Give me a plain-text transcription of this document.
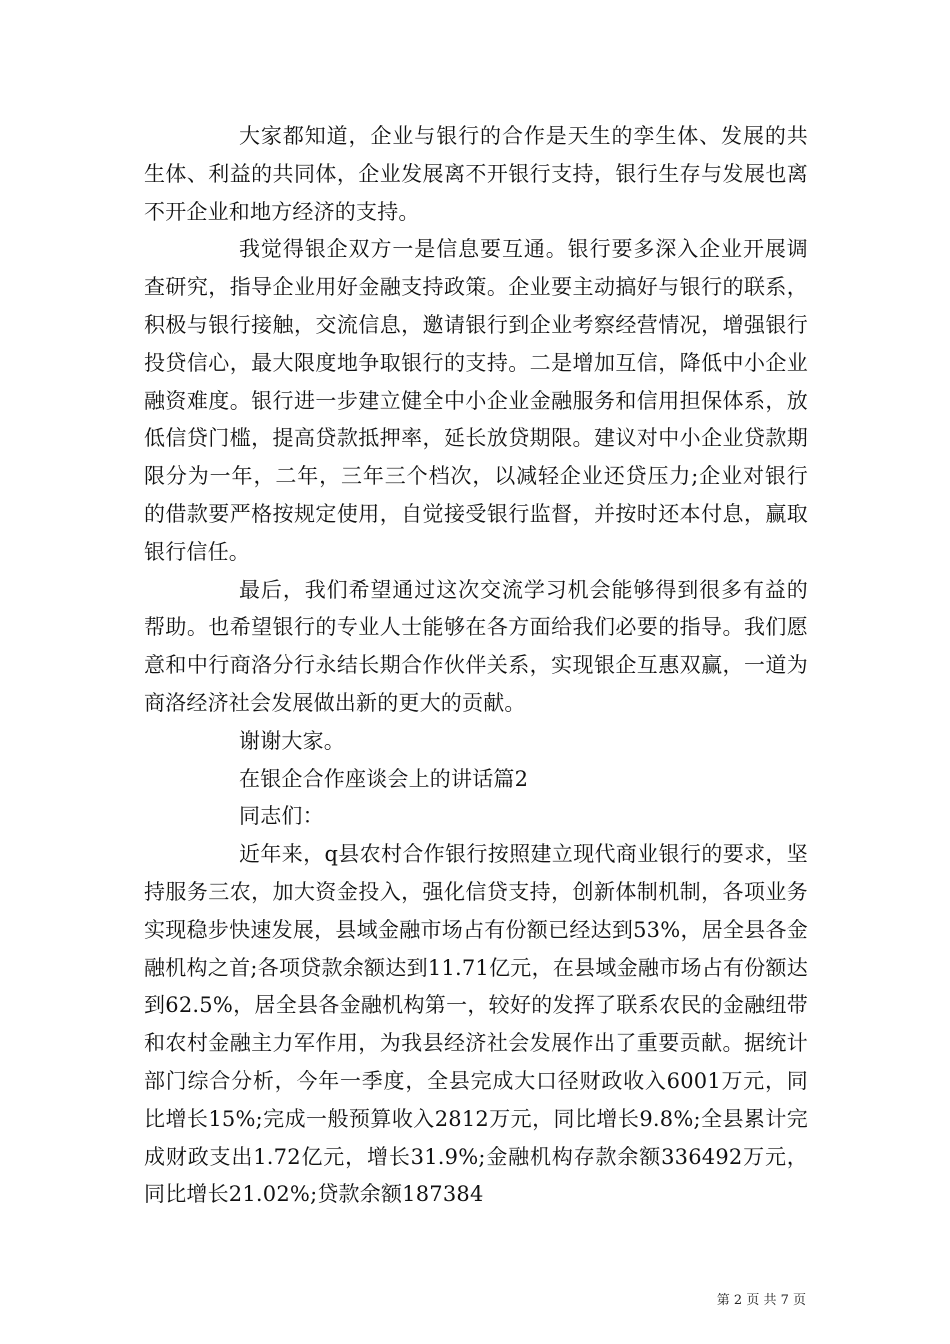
大家都知道，企业与银行的合作是天生的孪生体、发展的共生体、利益的共同体，企业发展离不开银行支持，银行生存与发展也离不开企业和地方经济的支持。

我觉得银企双方一是信息要互通。银行要多深入企业开展调查研究，指导企业用好金融支持政策。企业要主动搞好与银行的联系，积极与银行接触，交流信息，邀请银行到企业考察经营情况，增强银行投贷信心，最大限度地争取银行的支持。二是增加互信，降低中小企业融资难度。银行进一步建立健全中小企业金融服务和信用担保体系，放低信贷门槛，提高贷款抵押率，延长放贷期限。建议对中小企业贷款期限分为一年，二年，三年三个档次，以减轻企业还贷压力;企业对银行的借款要严格按规定使用，自觉接受银行监督，并按时还本付息，赢取银行信任。

最后，我们希望通过这次交流学习机会能够得到很多有益的帮助。也希望银行的专业人士能够在各方面给我们必要的指导。我们愿意和中行商洛分行永结长期合作伙伴关系，实现银企互惠双赢，一道为商洛经济社会发展做出新的更大的贡献。

谢谢大家。

在银企合作座谈会上的讲话篇2

同志们：

近年来，q县农村合作银行按照建立现代商业银行的要求，坚持服务三农，加大资金投入，强化信贷支持，创新体制机制，各项业务实现稳步快速发展，县域金融市场占有份额已经达到53%，居全县各金融机构之首;各项贷款余额达到11.71亿元，在县域金融市场占有份额达到62.5%，居全县各金融机构第一，较好的发挥了联系农民的金融纽带和农村金融主力军作用，为我县经济社会发展作出了重要贡献。据统计部门综合分析，今年一季度，全县完成大口径财政收入6001万元，同比增长15%;完成一般预算收入2812万元，同比增长9.8%;全县累计完成财政支出1.72亿元，增长31.9%;金融机构存款余额336492万元，同比增长21.02%;贷款余额187384

第 2 页 共 7 页
